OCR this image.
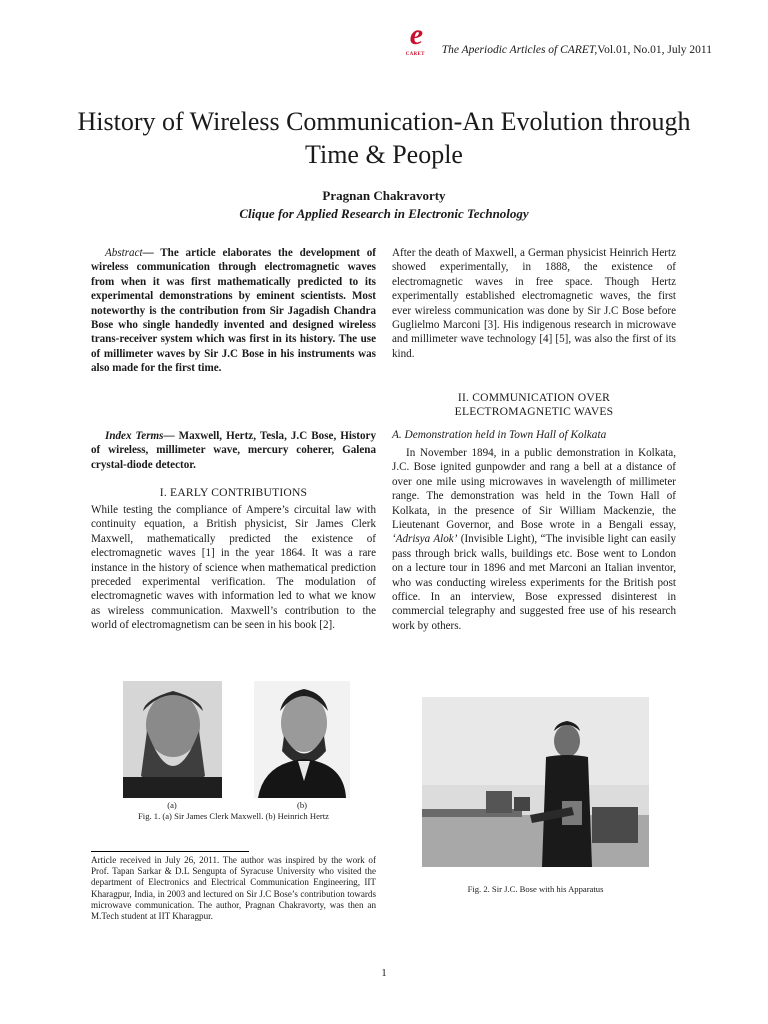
e
CARET The Aperiodic Articles of CARET, Vol.01, No.01, July 2011
History of Wireless Communication-An Evolution through Time & People
Pragnan Chakravorty
Clique for Applied Research in Electronic Technology

Abstract— The article elaborates the development of wireless communication through electromagnetic waves from when it was first mathematically predicted to its experimental demonstrations by eminent scientists. Most noteworthy is the contribution from Sir Jagadish Chandra Bose who single handedly invented and designed wireless trans-receiver system which was first in its history. The use of millimeter waves by Sir J.C Bose in his instruments was also made for the first time.

Index Terms— Maxwell, Hertz, Tesla, J.C Bose, History of wireless, millimeter wave, mercury coherer, Galena crystal-diode detector.

I. EARLY CONTRIBUTIONS
While testing the compliance of Ampere’s circuital law with continuity equation, a British physicist, Sir James Clerk Maxwell, mathematically predicted the existence of electromagnetic waves [1] in the year 1864. It was a rare instance in the history of science when mathematical prediction preceded experimental verification. The modulation of electromagnetic waves with information led to what we know as wireless communication. Maxwell’s contribution to the world of electromagnetism can be seen in his book [2].
(a)	(b)
Fig. 1. (a) Sir James Clerk Maxwell. (b) Heinrich Hertz
Article received in July 26, 2011. The author was inspired by the work of Prof. Tapan Sarkar & D.L Sengupta of Syracuse University who visited the department of Electronics and Electrical Communication Engineering, IIT Kharagpur, India, in 2003 and lectured on Sir J.C Bose’s contribution towards microwave communication. The author, Pragnan Chakravorty, was then an M.Tech student at IIT Kharagpur.
After the death of Maxwell, a German physicist Heinrich Hertz showed experimentally, in 1888, the existence of electromagnetic waves in free space. Though Hertz experimentally established electromagnetic waves, the first ever wireless communication was done by Sir J.C Bose before Guglielmo Marconi [3]. His indigenous research in microwave and millimeter wave technology [4] [5], was also the first of its kind.
II. COMMUNICATION OVER
ELECTROMAGNETIC WAVES
A. Demonstration held in Town Hall of Kolkata

In November 1894, in a public demonstration in Kolkata, J.C. Bose ignited gunpowder and rang a bell at a distance of over one mile using microwaves in wavelength of millimeter range. The demonstration was held in the Town Hall of Kolkata, in the presence of Sir William Mackenzie, the Lieutenant Governor, and Bose wrote in a Bengali essay, ‘Adrisya Alok’ (Invisible Light), “The invisible light can easily pass through brick walls, buildings etc. Bose went to London on a lecture tour in 1896 and met Marconi an Italian inventor, who was conducting wireless experiments for the British post office. In an interview, Bose expressed disinterest in commercial telegraphy and suggested free use of his research work by others.

Fig. 2. Sir J.C. Bose with his Apparatus
1
